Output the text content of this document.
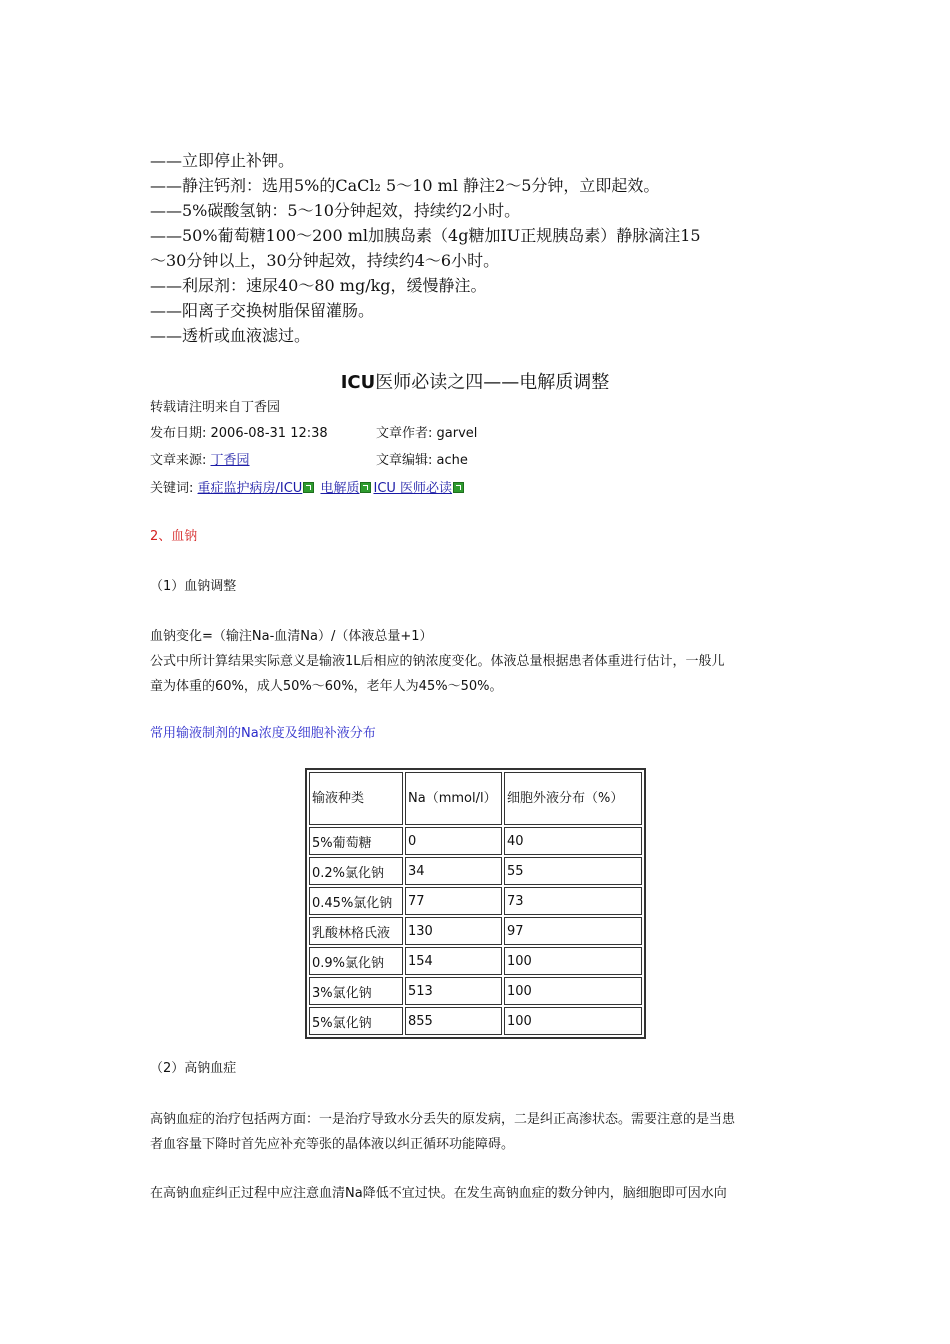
——立即停止补钾。
——静注钙剂：选用5%的CaCl₂ 5～10 ml 静注2～5分钟，立即起效。
——5%碳酸氢钠：5～10分钟起效，持续约2小时。
——50%葡萄糖100～200 ml加胰岛素（4g糖加IU正规胰岛素）静脉滴注15
～30分钟以上，30分钟起效，持续约4～6小时。
——利尿剂：速尿40～80 mg/kg，缓慢静注。
——阳离子交换树脂保留灌肠。
——透析或血液滤过。
ICU医师必读之四——电解质调整
转载请注明来自丁香园
发布日期: 2006-08-31 12:38	文章作者: garvel
文章来源: 丁香园	文章编辑: ache
关键词: 重症监护病房/ICU 电解质 ICU 医师必读
2、血钠
（1）血钠调整
血钠变化=（输注Na-血清Na）/（体液总量+1）
公式中所计算结果实际意义是输液1L后相应的钠浓度变化。体液总量根据患者体重进行估计，一般儿
童为体重的60%，成人50%～60%，老年人为45%～50%。
常用输液制剂的Na浓度及细胞补液分布
输液种类	Na（mmol/l）	细胞外液分布（%）
5%葡萄糖	0	40
0.2%氯化钠	34	55
0.45%氯化钠	77	73
乳酸林格氏液	130	97
0.9%氯化钠	154	100
3%氯化钠	513	100
5%氯化钠	855	100
（2）高钠血症
高钠血症的治疗包括两方面：一是治疗导致水分丢失的原发病，二是纠正高渗状态。需要注意的是当患
者血容量下降时首先应补充等张的晶体液以纠正循环功能障碍。
在高钠血症纠正过程中应注意血清Na降低不宜过快。在发生高钠血症的数分钟内，脑细胞即可因水向
